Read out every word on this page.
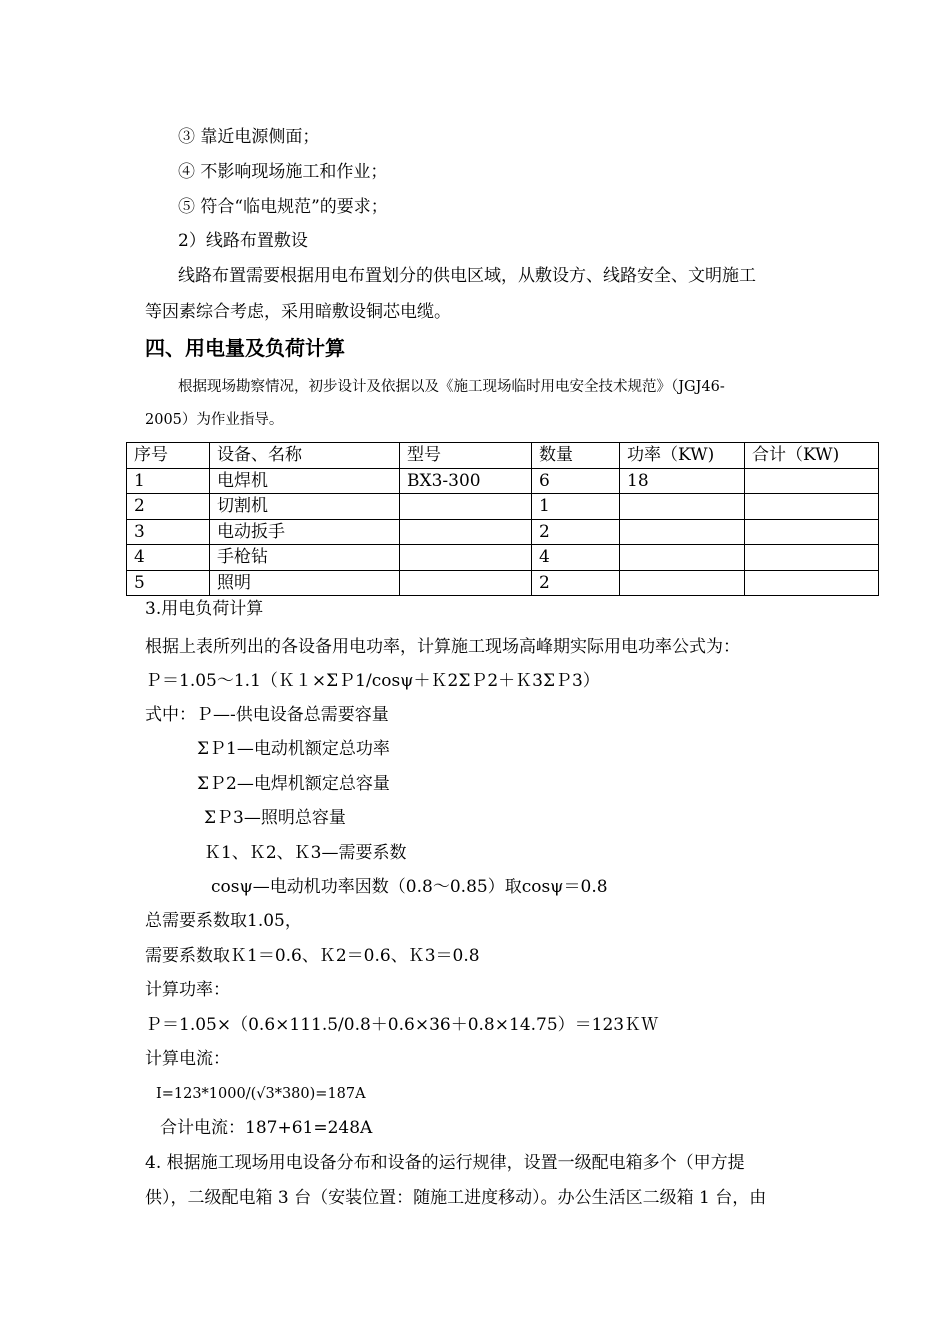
③ 靠近电源侧面；
④ 不影响现场施工和作业；
⑤ 符合“临电规范”的要求；
2）线路布置敷设
线路布置需要根据用电布置划分的供电区域，从敷设方、线路安全、文明施工
等因素综合考虑，采用暗敷设铜芯电缆。
四、用电量及负荷计算
根据现场勘察情况，初步设计及依据以及《施工现场临时用电安全技术规范》（JGJ46-
2005）为作业指导。
序号	设备、名称	型号	数量	功率（KW)	合计（KW)
1	电焊机	BX3-300	6	18	
2	切割机		1		
3	电动扳手		2		
4	手枪钻		4		
5	照明		2		
3.用电负荷计算
根据上表所列出的各设备用电功率，计算施工现场高峰期实际用电功率公式为：
Ｐ＝1.05～1.1（Ｋ１×ΣＰ1/cosψ＋Ｋ2ΣＰ2＋Ｋ3ΣＰ3）
式中：Ｐ—-供电设备总需要容量
ΣＰ1—电动机额定总功率
ΣＰ2—电焊机额定总容量
ΣＰ3—照明总容量
Ｋ1、Ｋ2、Ｋ3—需要系数
cosψ—电动机功率因数（0.8～0.85）取cosψ＝0.8
总需要系数取1.05，
需要系数取Ｋ1＝0.6、Ｋ2＝0.6、Ｋ3＝0.8
计算功率：
Ｐ＝1.05×（0.6×111.5/0.8＋0.6×36＋0.8×14.75）＝123ＫＷ
计算电流：
I=123*1000/(√3*380)=187A
合计电流：187+61=248A
4. 根据施工现场用电设备分布和设备的运行规律，设置一级配电箱多个（甲方提
供），二级配电箱 3 台（安装位置：随施工进度移动）。办公生活区二级箱 1 台，由
